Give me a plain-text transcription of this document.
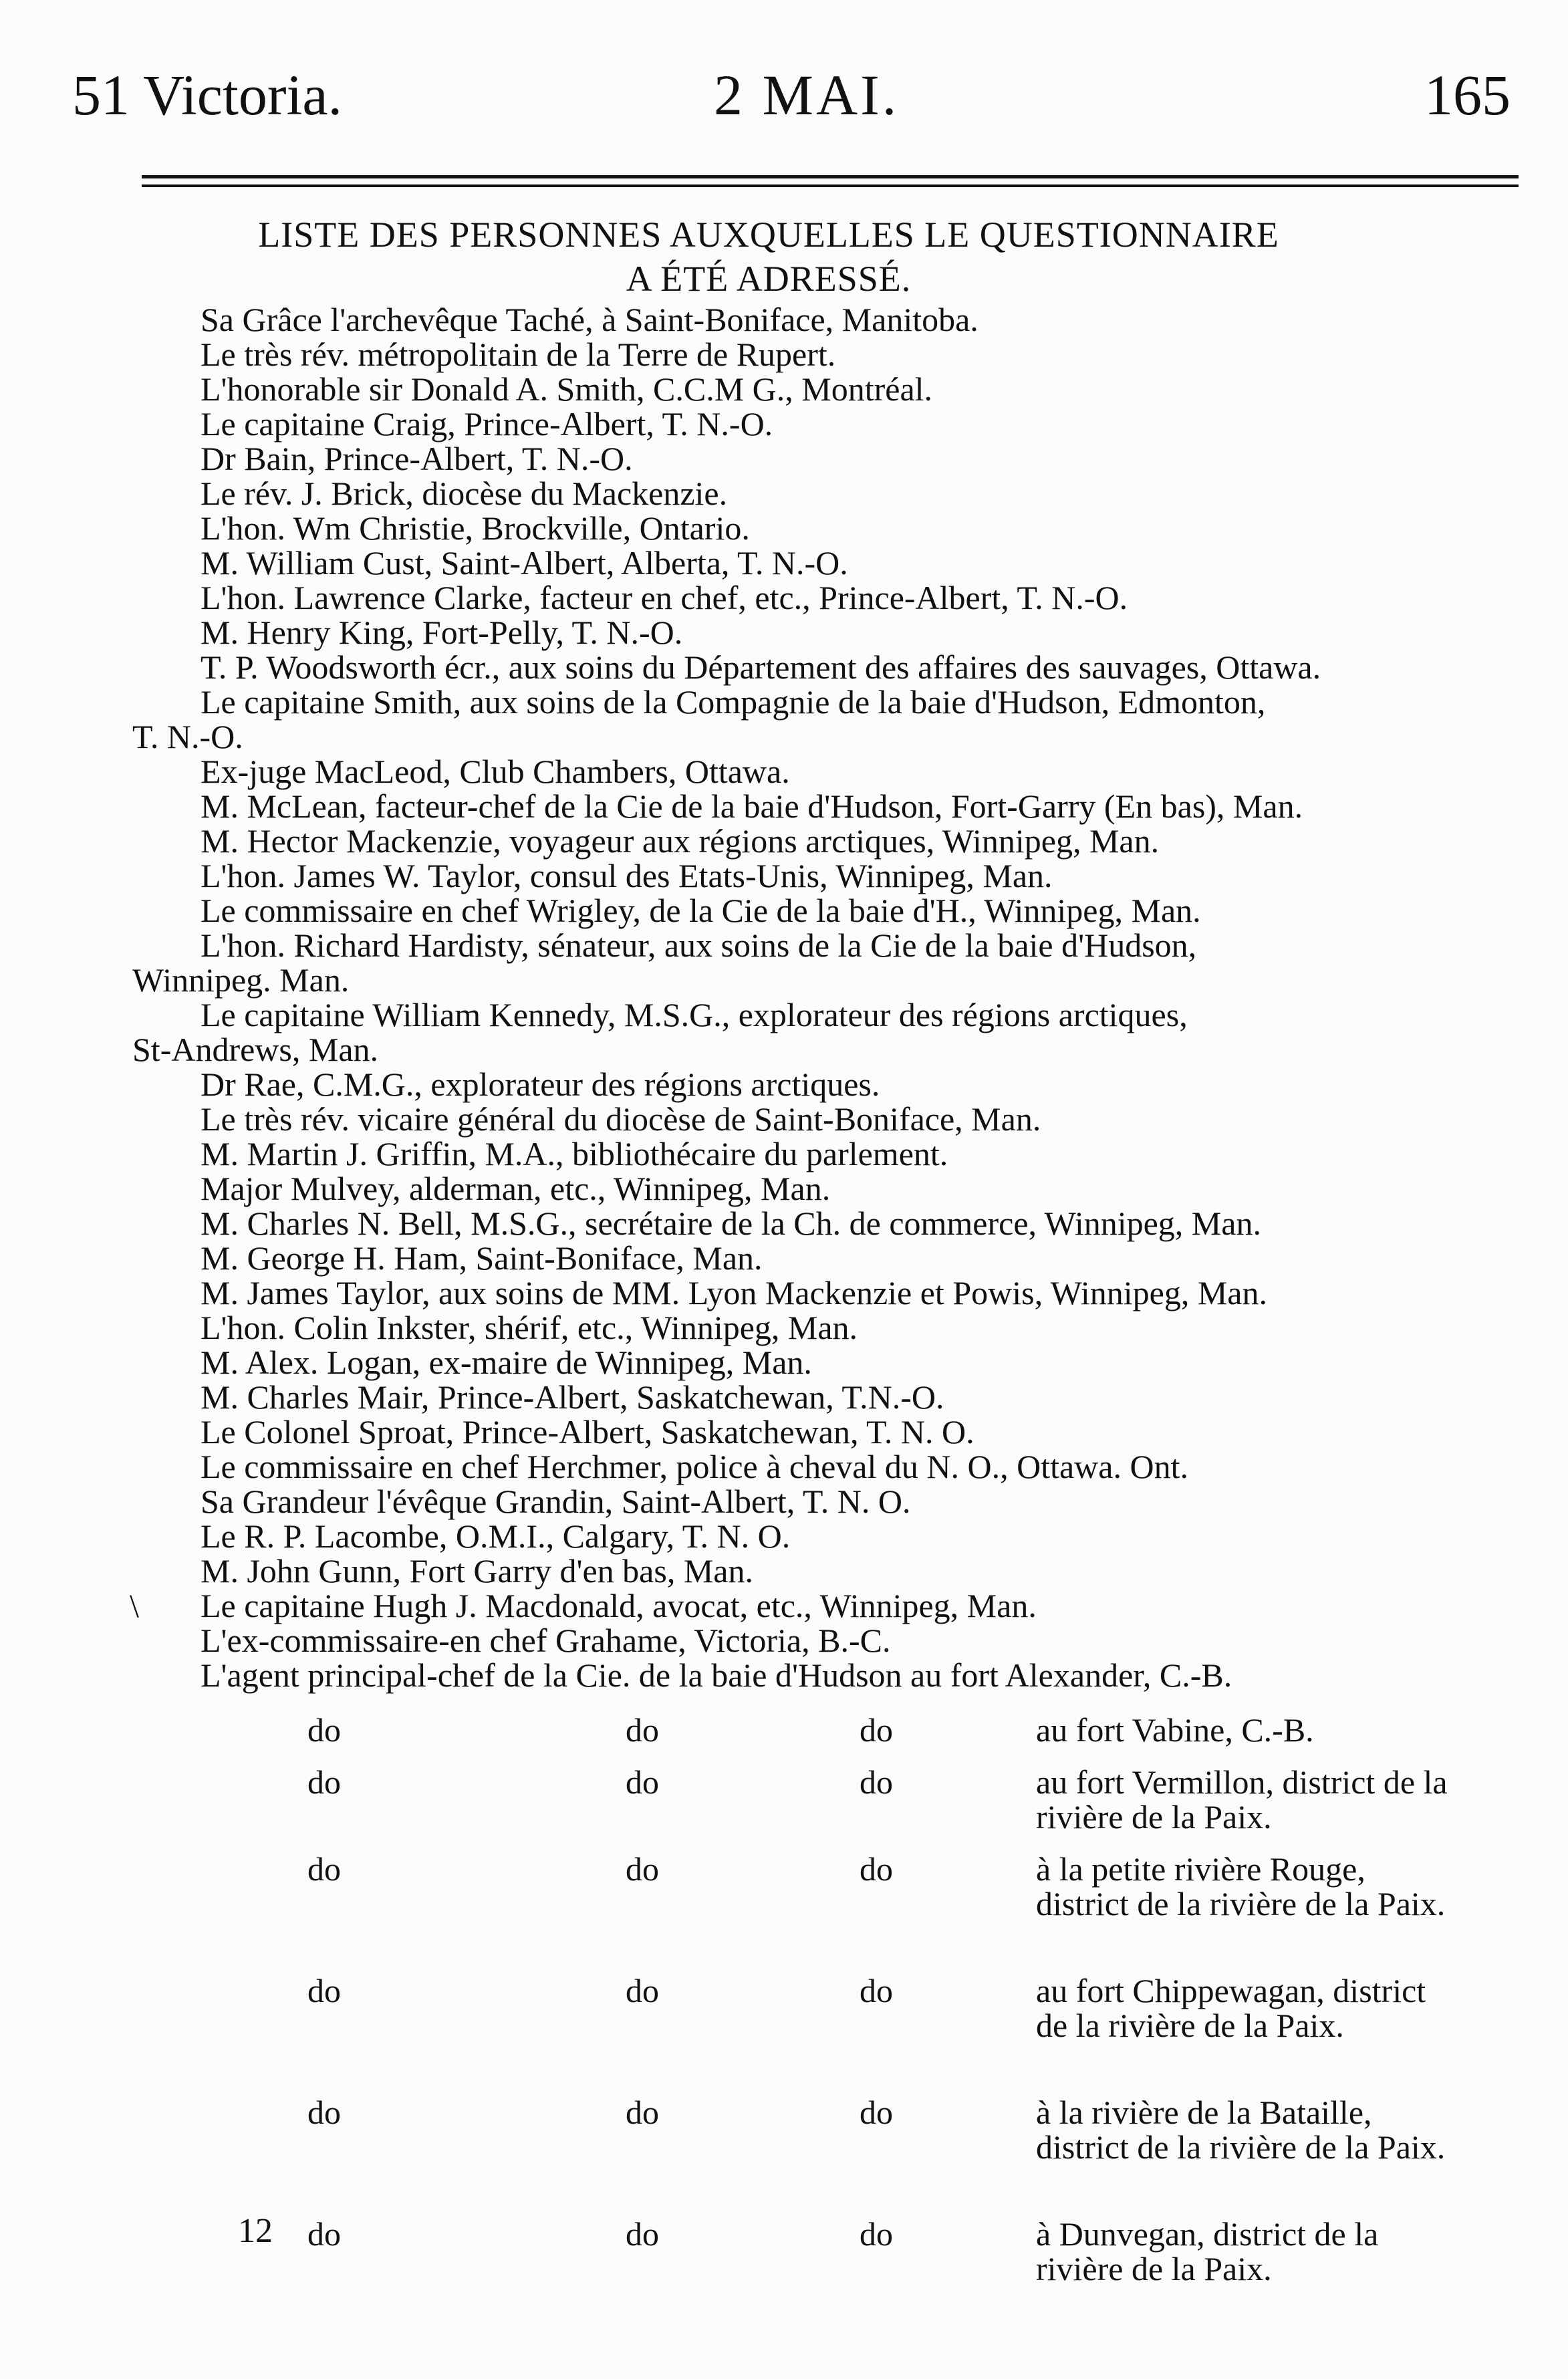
51 Victoria.	2 MAI.	165
LISTE DES PERSONNES AUXQUELLES LE QUESTIONNAIRE
A ÉTÉ ADRESSÉ.
Sa Grâce l'archevêque Taché, à Saint-Boniface, Manitoba.
Le très rév. métropolitain de la Terre de Rupert.
L'honorable sir Donald A. Smith, C.C.M G., Montréal.
Le capitaine Craig, Prince-Albert, T. N.-O.
Dr Bain, Prince-Albert, T. N.-O.
Le rév. J. Brick, diocèse du Mackenzie.
L'hon. Wm Christie, Brockville, Ontario.
M. William Cust, Saint-Albert, Alberta, T. N.-O.
L'hon. Lawrence Clarke, facteur en chef, etc., Prince-Albert, T. N.-O.
M. Henry King, Fort-Pelly, T. N.-O.
T. P. Woodsworth écr., aux soins du Département des affaires des sauvages, Ottawa.
Le capitaine Smith, aux soins de la Compagnie de la baie d'Hudson, Edmonton,
T. N.-O.
Ex-juge MacLeod, Club Chambers, Ottawa.
M. McLean, facteur-chef de la Cie de la baie d'Hudson, Fort-Garry (En bas), Man.
M. Hector Mackenzie, voyageur aux régions arctiques, Winnipeg, Man.
L'hon. James W. Taylor, consul des Etats-Unis, Winnipeg, Man.
Le commissaire en chef Wrigley, de la Cie de la baie d'H., Winnipeg, Man.
L'hon. Richard Hardisty, sénateur, aux soins de la Cie de la baie d'Hudson,
Winnipeg. Man.
Le capitaine William Kennedy, M.S.G., explorateur des régions arctiques,
St-Andrews, Man.
Dr Rae, C.M.G., explorateur des régions arctiques.
Le très rév. vicaire général du diocèse de Saint-Boniface, Man.
M. Martin J. Griffin, M.A., bibliothécaire du parlement.
Major Mulvey, alderman, etc., Winnipeg, Man.
M. Charles N. Bell, M.S.G., secrétaire de la Ch. de commerce, Winnipeg, Man.
M. George H. Ham, Saint-Boniface, Man.
M. James Taylor, aux soins de MM. Lyon Mackenzie et Powis, Winnipeg, Man.
L'hon. Colin Inkster, shérif, etc., Winnipeg, Man.
M. Alex. Logan, ex-maire de Winnipeg, Man.
M. Charles Mair, Prince-Albert, Saskatchewan, T.N.-O.
Le Colonel Sproat, Prince-Albert, Saskatchewan, T. N. O.
Le commissaire en chef Herchmer, police à cheval du N. O., Ottawa. Ont.
Sa Grandeur l'évêque Grandin, Saint-Albert, T. N. O.
Le R. P. Lacombe, O.M.I., Calgary, T. N. O.
M. John Gunn, Fort Garry d'en bas, Man.
Le capitaine Hugh J. Macdonald, avocat, etc., Winnipeg, Man.
L'ex-commissaire-en chef Grahame, Victoria, B.-C.
L'agent principal-chef de la Cie. de la baie d'Hudson au fort Alexander, C.-B.
\
do	do	do	au fort Vabine, C.-B.
do	do	do	au fort Vermillon, district de la rivière de la Paix.
do	do	do	à la petite rivière Rouge, district de la rivière de la Paix.
do	do	do	au fort Chippewagan, district de la rivière de la Paix.
do	do	do	à la rivière de la Bataille, district de la rivière de la Paix.
do	do	do	à Dunvegan, district de la rivière de la Paix.
12
